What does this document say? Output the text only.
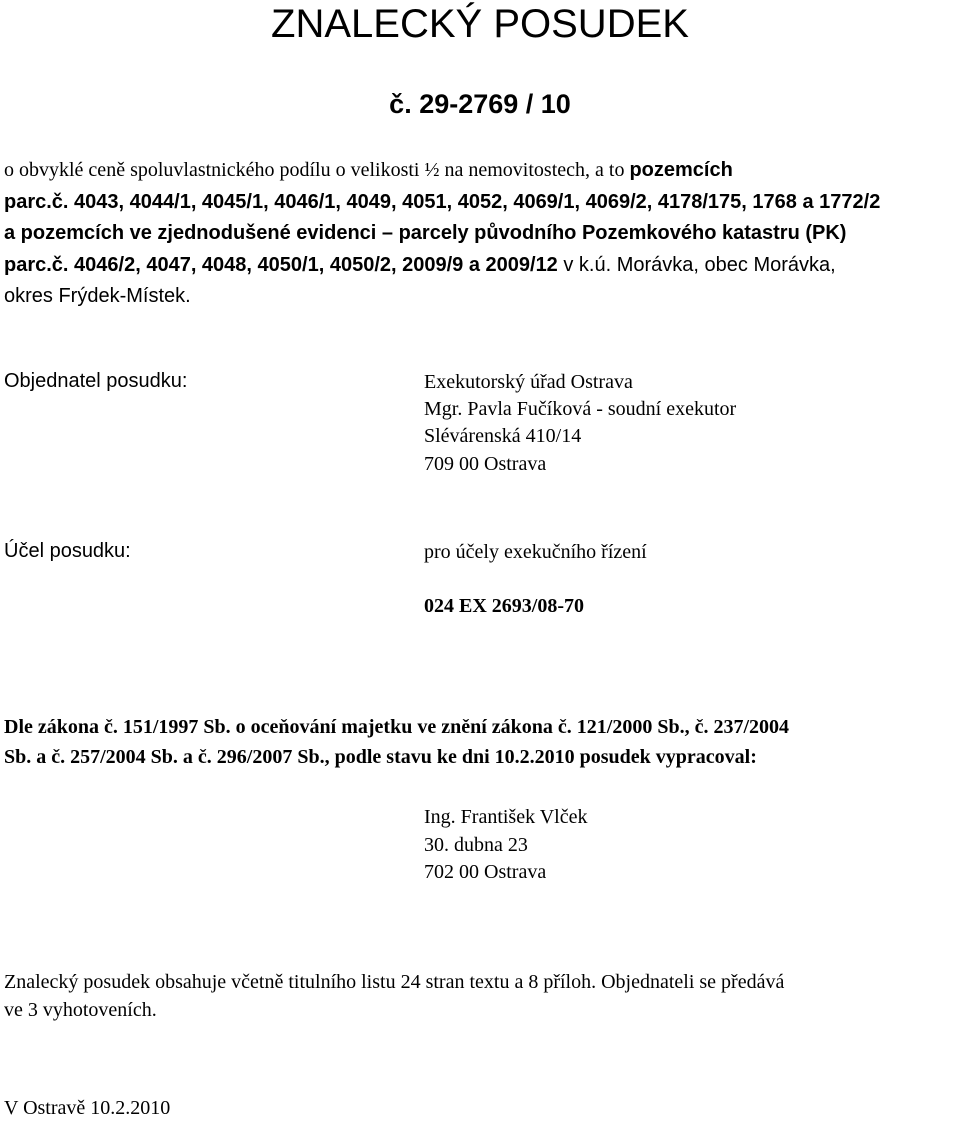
ZNALECKÝ POSUDEK
č. 29-2769 / 10
o obvyklé ceně spoluvlastnického podílu o velikosti ½ na nemovitostech, a to pozemcích
parc.č. 4043, 4044/1, 4045/1, 4046/1, 4049, 4051, 4052, 4069/1, 4069/2, 4178/175, 1768 a 1772/2
a pozemcích ve zjednodušené evidenci – parcely původního Pozemkového katastru (PK)
parc.č. 4046/2, 4047, 4048, 4050/1, 4050/2, 2009/9 a 2009/12 v k.ú. Morávka, obec Morávka,
okres Frýdek-Místek.
Objednatel posudku:	Exekutorský úřad Ostrava
Mgr. Pavla Fučíková - soudní exekutor
Slévárenská 410/14
709 00 Ostrava
Účel posudku:	pro účely exekučního řízení
024 EX 2693/08-70
Dle zákona č. 151/1997 Sb. o oceňování majetku ve znění zákona č. 121/2000 Sb., č. 237/2004
Sb. a č. 257/2004 Sb. a č. 296/2007 Sb., podle stavu ke dni 10.2.2010 posudek vypracoval:
Ing. František Vlček
30. dubna 23
702 00 Ostrava
Znalecký posudek obsahuje včetně titulního listu 24 stran textu a 8 příloh. Objednateli se předává
ve 3 vyhotoveních.
V Ostravě 10.2.2010
